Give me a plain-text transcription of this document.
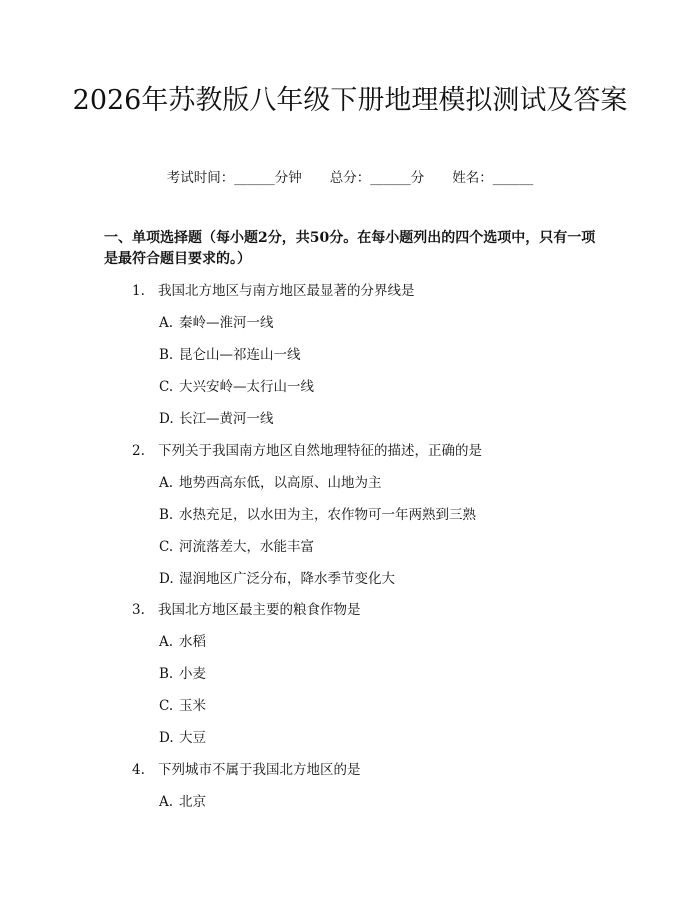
2026年苏教版八年级下册地理模拟测试及答案
考试时间：______分钟 总分：______分 姓名：______

一、单项选择题（每小题2分，共50分。在每小题列出的四个选项中，只有一项是最符合题目要求的。）

1. 我国北方地区与南方地区最显著的分界线是
A. 秦岭—淮河一线
B. 昆仑山—祁连山一线
C. 大兴安岭—太行山一线
D. 长江—黄河一线
2. 下列关于我国南方地区自然地理特征的描述，正确的是
A. 地势西高东低，以高原、山地为主
B. 水热充足，以水田为主，农作物可一年两熟到三熟
C. 河流落差大，水能丰富
D. 湿润地区广泛分布，降水季节变化大
3. 我国北方地区最主要的粮食作物是
A. 水稻
B. 小麦
C. 玉米
D. 大豆
4. 下列城市不属于我国北方地区的是
A. 北京
